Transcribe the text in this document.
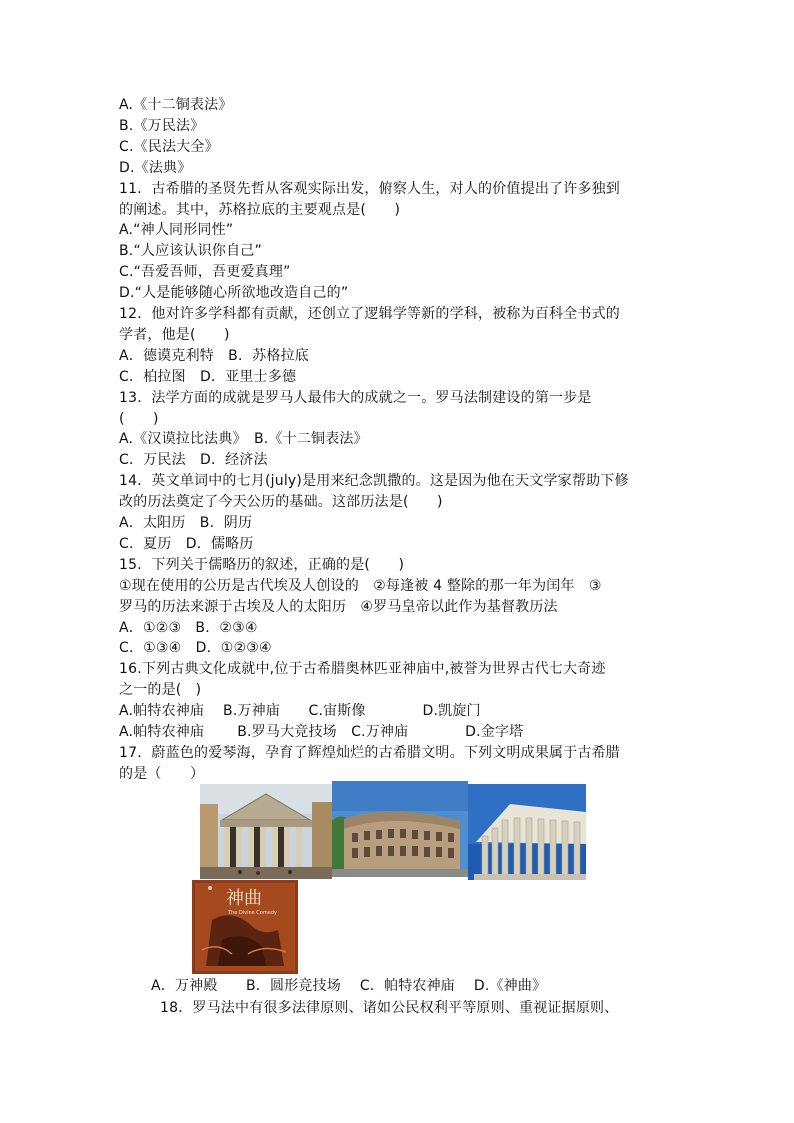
A.《十二铜表法》
B.《万民法》
C.《民法大全》
D.《法典》
11．古希腊的圣贤先哲从客观实际出发，俯察人生，对人的价值提出了许多独到
的阐述。其中，苏格拉底的主要观点是(　　)
A.“神人同形同性”
B.“人应该认识你自己”
C.“吾爱吾师，吾更爱真理”
D.“人是能够随心所欲地改造自己的”
12．他对许多学科都有贡献，还创立了逻辑学等新的学科，被称为百科全书式的
学者，他是(　　)
A．德谟克利特　B．苏格拉底
C．柏拉图　D．亚里士多德
13．法学方面的成就是罗马人最伟大的成就之一。罗马法制建设的第一步是
(　　)
A.《汉谟拉比法典》　B.《十二铜表法》
C．万民法　D．经济法
14．英文单词中的七月(july)是用来纪念凯撒的。这是因为他在天文学家帮助下修
改的历法奠定了今天公历的基础。这部历法是(　　)
A．太阳历　B．阴历
C．夏历　D．儒略历
15．下列关于儒略历的叙述，正确的是(　　)
①现在使用的公历是古代埃及人创设的　②每逢被 4 整除的那一年为闰年　③
罗马的历法来源于古埃及人的太阳历　④罗马皇帝以此作为基督教历法
A．①②③　B．②③④
C．①③④　D．①②③④
16.下列古典文化成就中,位于古希腊奥林匹亚神庙中,被誉为世界古代七大奇迹
之一的是(　)
A.帕特农神庙　 B.万神庙　　C.宙斯像　　　　D.凯旋门
A.帕特农神庙　　 B.罗马大竞技场　C.万神庙　　　　D.金字塔
17．蔚蓝色的爱琴海，孕育了辉煌灿烂的古希腊文明。下列文明成果属于古希腊
的是（　　）
神曲
The Divine Comedy
A．万神殿　　B．圆形竞技场　 C．帕特农神庙　 D.《神曲》
18．罗马法中有很多法律原则、诸如公民权利平等原则、重视证据原则、
